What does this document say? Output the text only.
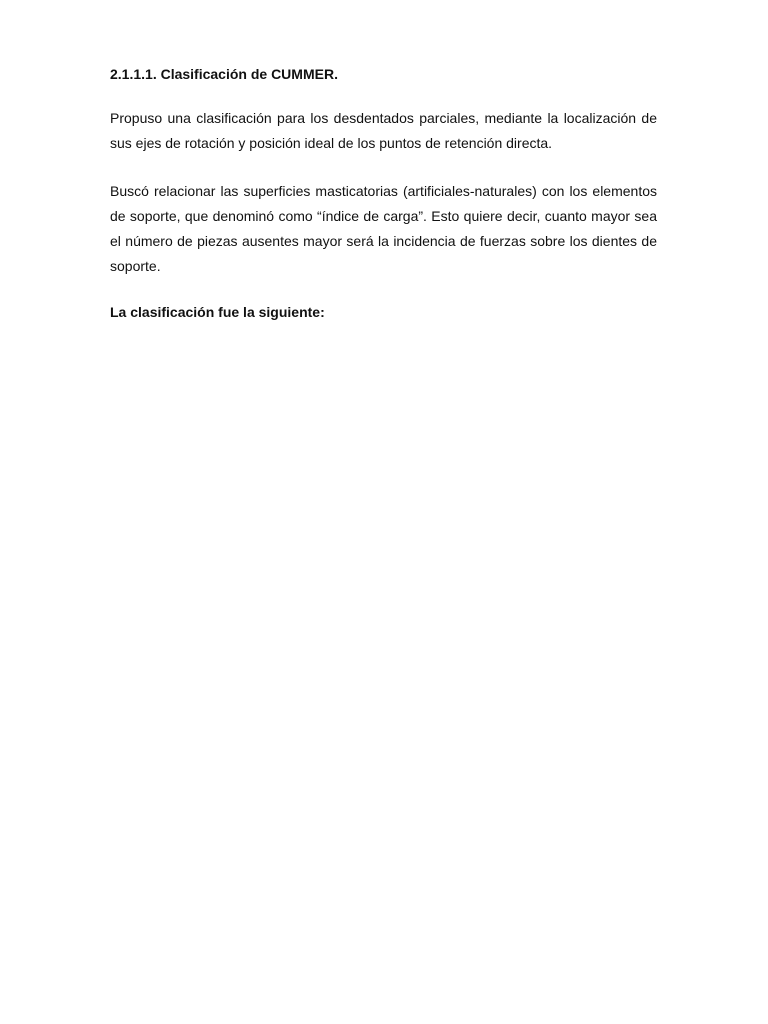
2.1.1.1. Clasificación de CUMMER.

Propuso una clasificación para los desdentados parciales, mediante la localización de sus ejes de rotación y posición ideal de los puntos de retención directa.

Buscó relacionar las superficies masticatorias (artificiales-naturales) con los elementos de soporte, que denominó como “índice de carga”. Esto quiere decir, cuanto mayor sea el número de piezas ausentes mayor será la incidencia de fuerzas sobre los dientes de soporte.

La clasificación fue la siguiente:
